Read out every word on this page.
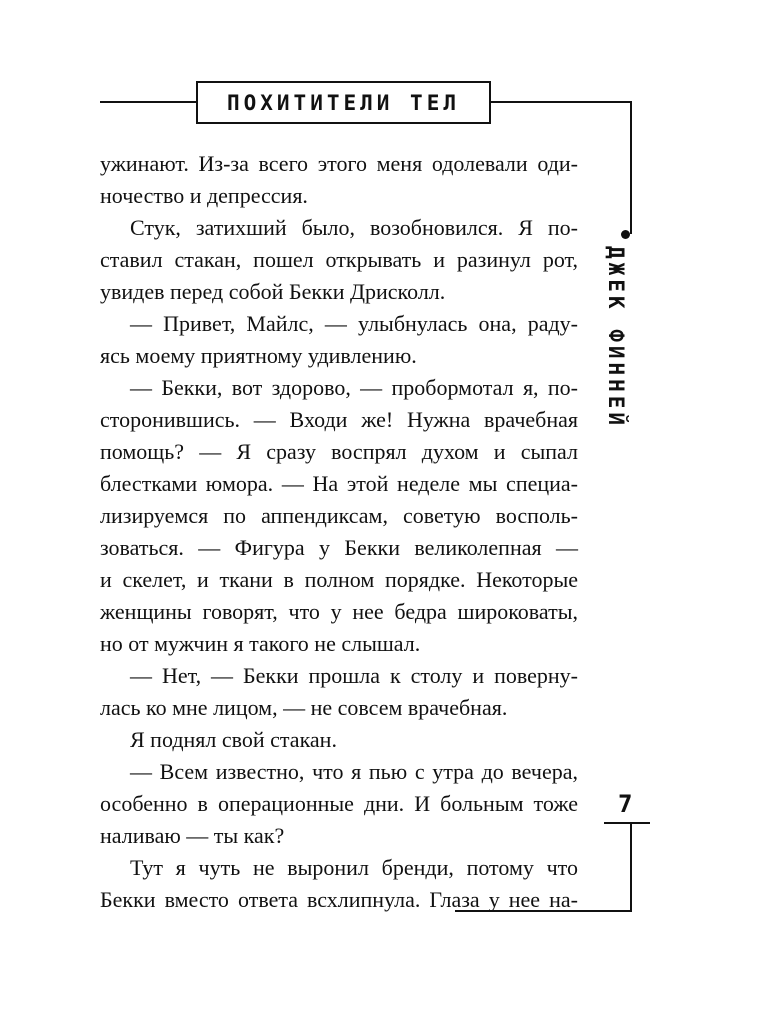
ПОХИТИТЕЛИ ТЕЛ
ДЖЕК ФИННЕЙ
7
ужинают. Из-за всего этого меня одолевали оди-
ночество и депрессия.
Стук, затихший было, возобновился. Я по-
ставил стакан, пошел открывать и разинул рот,
увидев перед собой Бекки Дрисколл.
— Привет, Майлс, — улыбнулась она, раду-
ясь моему приятному удивлению.
— Бекки, вот здорово, — пробормотал я, по-
сторонившись. — Входи же! Нужна врачебная
помощь? — Я сразу воспрял духом и сыпал
блестками юмора. — На этой неделе мы специа-
лизируемся по аппендиксам, советую восполь-
зоваться. — Фигура у Бекки великолепная —
и скелет, и ткани в полном порядке. Некоторые
женщины говорят, что у нее бедра широковаты,
но от мужчин я такого не слышал.
— Нет, — Бекки прошла к столу и поверну-
лась ко мне лицом, — не совсем врачебная.
Я поднял свой стакан.
— Всем известно, что я пью с утра до вечера,
особенно в операционные дни. И больным тоже
наливаю — ты как?
Тут я чуть не выронил бренди, потому что
Бекки вместо ответа всхлипнула. Глаза у нее на-
